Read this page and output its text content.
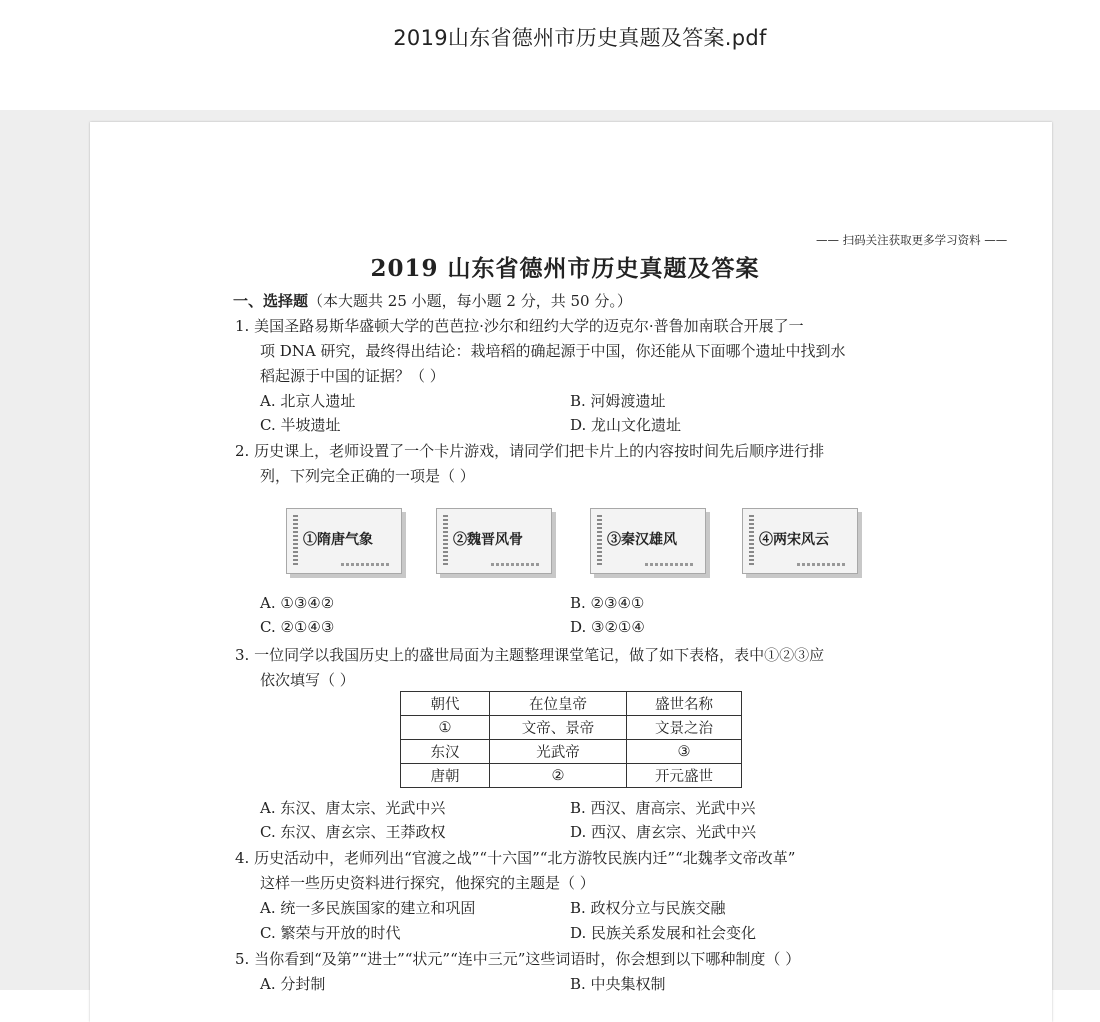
2019山东省德州市历史真题及答案.pdf
—— 扫码关注获取更多学习资料 ——
2019 山东省德州市历史真题及答案
一、选择题（本大题共 25 小题，每小题 2 分，共 50 分。）
1. 美国圣路易斯华盛顿大学的芭芭拉·沙尔和纽约大学的迈克尔·普鲁加南联合开展了一
项 DNA 研究，最终得出结论：栽培稻的确起源于中国，你还能从下面哪个遗址中找到水
稻起源于中国的证据？（ ）
A. 北京人遗址	B. 河姆渡遗址
C. 半坡遗址	D. 龙山文化遗址
2. 历史课上，老师设置了一个卡片游戏，请同学们把卡片上的内容按时间先后顺序进行排
列，下列完全正确的一项是（ ）
①隋唐气象	②魏晋风骨	③秦汉雄风	④两宋风云
A. ①③④②	B. ②③④①
C. ②①④③	D. ③②①④
3. 一位同学以我国历史上的盛世局面为主题整理课堂笔记，做了如下表格，表中①②③应
依次填写（ ）
朝代	在位皇帝	盛世名称
①	文帝、景帝	文景之治
东汉	光武帝	③
唐朝	②	开元盛世
A. 东汉、唐太宗、光武中兴	B. 西汉、唐高宗、光武中兴
C. 东汉、唐玄宗、王莽政权	D. 西汉、唐玄宗、光武中兴
4. 历史活动中，老师列出“官渡之战”“十六国”“北方游牧民族内迁”“北魏孝文帝改革”
这样一些历史资料进行探究，他探究的主题是（ ）
A. 统一多民族国家的建立和巩固	B. 政权分立与民族交融
C. 繁荣与开放的时代	D. 民族关系发展和社会变化
5. 当你看到“及第”“进士”“状元”“连中三元”这些词语时，你会想到以下哪种制度（ ）
A. 分封制	B. 中央集权制
